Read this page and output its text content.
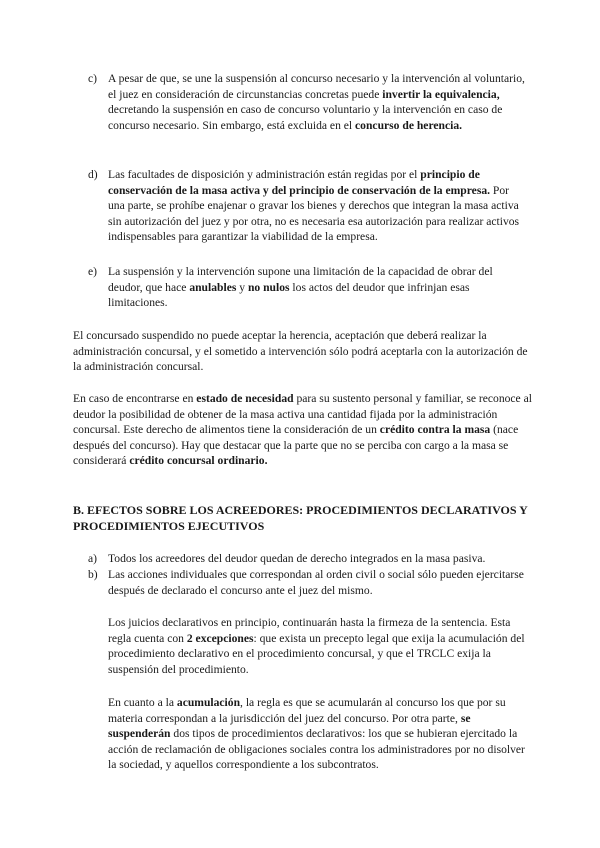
c) A pesar de que, se une la suspensión al concurso necesario y la intervención al voluntario, el juez en consideración de circunstancias concretas puede invertir la equivalencia, decretando la suspensión en caso de concurso voluntario y la intervención en caso de concurso necesario. Sin embargo, está excluida en el concurso de herencia.
d) Las facultades de disposición y administración están regidas por el principio de conservación de la masa activa y del principio de conservación de la empresa. Por una parte, se prohíbe enajenar o gravar los bienes y derechos que integran la masa activa sin autorización del juez y por otra, no es necesaria esa autorización para realizar activos indispensables para garantizar la viabilidad de la empresa.
e) La suspensión y la intervención supone una limitación de la capacidad de obrar del deudor, que hace anulables y no nulos los actos del deudor que infrinjan esas limitaciones.

El concursado suspendido no puede aceptar la herencia, aceptación que deberá realizar la administración concursal, y el sometido a intervención sólo podrá aceptarla con la autorización de la administración concursal.

En caso de encontrarse en estado de necesidad para su sustento personal y familiar, se reconoce al deudor la posibilidad de obtener de la masa activa una cantidad fijada por la administración concursal. Este derecho de alimentos tiene la consideración de un crédito contra la masa (nace después del concurso). Hay que destacar que la parte que no se perciba con cargo a la masa se considerará crédito concursal ordinario.

B. EFECTOS SOBRE LOS ACREEDORES: PROCEDIMIENTOS DECLARATIVOS Y PROCEDIMIENTOS EJECUTIVOS

a) Todos los acreedores del deudor quedan de derecho integrados en la masa pasiva.
b) Las acciones individuales que correspondan al orden civil o social sólo pueden ejercitarse después de declarado el concurso ante el juez del mismo.

Los juicios declarativos en principio, continuarán hasta la firmeza de la sentencia. Esta regla cuenta con 2 excepciones: que exista un precepto legal que exija la acumulación del procedimiento declarativo en el procedimiento concursal, y que el TRCLC exija la suspensión del procedimiento.

En cuanto a la acumulación, la regla es que se acumularán al concurso los que por su materia correspondan a la jurisdicción del juez del concurso. Por otra parte, se suspenderán dos tipos de procedimientos declarativos: los que se hubieran ejercitado la acción de reclamación de obligaciones sociales contra los administradores por no disolver la sociedad, y aquellos correspondiente a los subcontratos.
